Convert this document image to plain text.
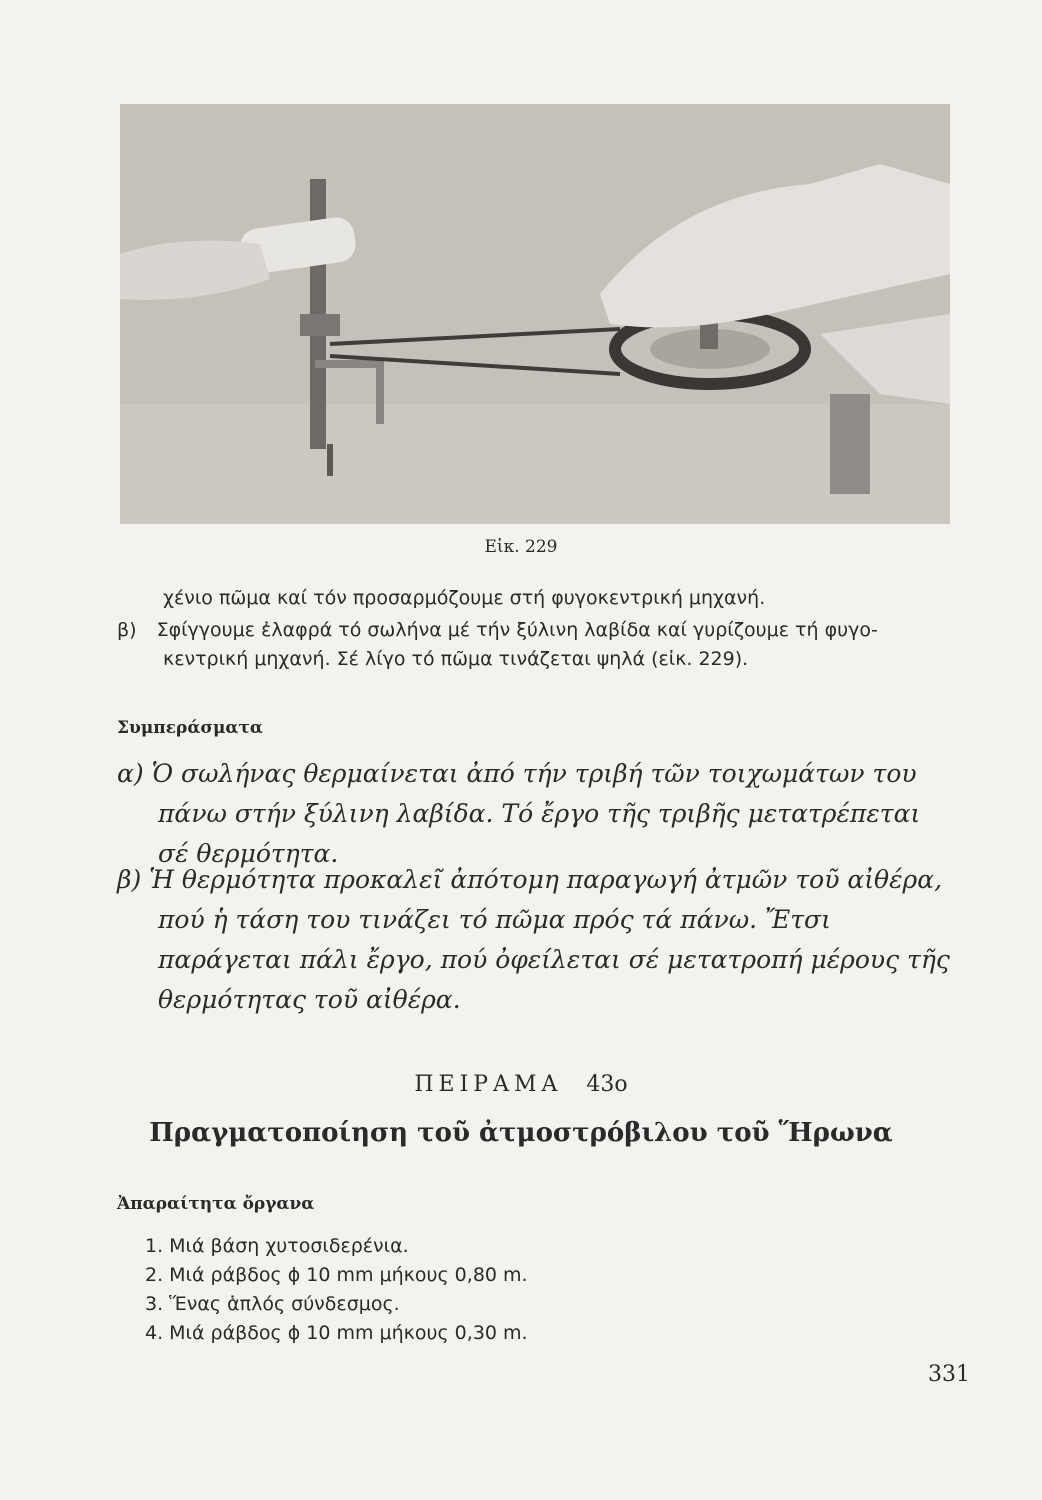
Εἰκ. 229
χένιο πῶμα καί τόν προσαρμόζουμε στή φυγοκεντρική μηχανή.
β) Σφίγγουμε ἐλαφρά τό σωλήνα μέ τήν ξύλινη λαβίδα καί γυρίζουμε τή φυγο-
κεντρική μηχανή. Σέ λίγο τό πῶμα τινάζεται ψηλά (εἰκ. 229).
Συμπεράσματα
α) Ὁ σωλήνας θερμαίνεται ἀπό τήν τριβή τῶν τοιχωμάτων του πάνω στήν ξύλινη λαβίδα. Τό ἔργο τῆς τριβῆς μετατρέπεται σέ θερμότητα.
β) Ἡ θερμότητα προκαλεῖ ἀπότομη παραγωγή ἀτμῶν τοῦ αἰθέρα, πού ἡ τάση του τινάζει τό πῶμα πρός τά πάνω. Ἔτσι παράγεται πάλι ἔργο, πού ὀφείλεται σέ μετατροπή μέρους τῆς θερμότητας τοῦ αἰθέρα.
ΠΕΙΡΑΜΑ 43ο
Πραγματοποίηση τοῦ ἀτμοστρόβιλου τοῦ Ἥρωνα
Ἀπαραίτητα ὄργανα
1. Μιά βάση χυτοσιδερένια.
2. Μιά ράβδος ϕ 10 mm μήκους 0,80 m.
3. Ἕνας ἁπλός σύνδεσμος.
4. Μιά ράβδος ϕ 10 mm μήκους 0,30 m.
331
